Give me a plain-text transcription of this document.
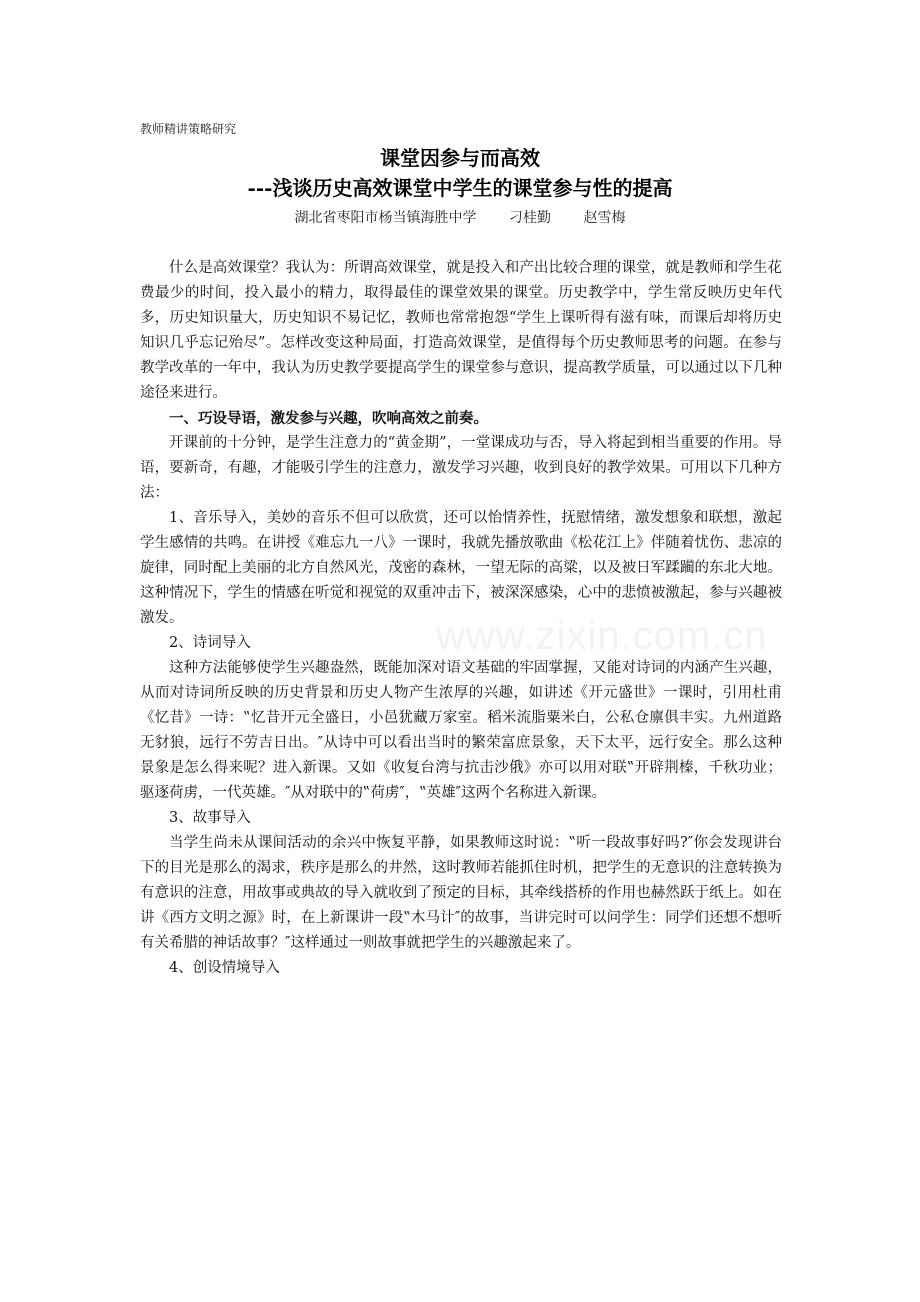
教师精讲策略研究
课堂因参与而高效
---浅谈历史高效课堂中学生的课堂参与性的提高
湖北省枣阳市杨当镇海胜中学 刁桂勤 赵雪梅

什么是高效课堂？我认为：所谓高效课堂，就是投入和产出比较合理的课堂，就是教师和学生花费最少的时间，投入最小的精力，取得最佳的课堂效果的课堂。历史教学中，学生常反映历史年代多，历史知识量大，历史知识不易记忆，教师也常常抱怨“学生上课听得有滋有味，而课后却将历史知识几乎忘记殆尽”。怎样改变这种局面，打造高效课堂，是值得每个历史教师思考的问题。在参与教学改革的一年中，我认为历史教学要提高学生的课堂参与意识，提高教学质量，可以通过以下几种途径来进行。

一、巧设导语，激发参与兴趣，吹响高效之前奏。

开课前的十分钟，是学生注意力的“黄金期”，一堂课成功与否，导入将起到相当重要的作用。导语，要新奇，有趣，才能吸引学生的注意力，激发学习兴趣，收到良好的教学效果。可用以下几种方法：

1、音乐导入，美妙的音乐不但可以欣赏，还可以怡情养性，抚慰情绪，激发想象和联想，激起学生感情的共鸣。在讲授《难忘九一八》一课时，我就先播放歌曲《松花江上》伴随着忧伤、悲凉的旋律，同时配上美丽的北方自然风光，茂密的森林，一望无际的高粱，以及被日军蹂躏的东北大地。这种情况下，学生的情感在听觉和视觉的双重冲击下，被深深感染，心中的悲愤被激起，参与兴趣被激发。

2、诗词导入

这种方法能够使学生兴趣盎然，既能加深对语文基础的牢固掌握，又能对诗词的内涵产生兴趣，从而对诗词所反映的历史背景和历史人物产生浓厚的兴趣，如讲述《开元盛世》一课时，引用杜甫《忆昔》一诗：‟忆昔开元全盛日，小邑犹藏万家室。稻米流脂粟米白，公私仓廪俱丰实。九州道路无豺狼，远行不劳吉日出。″从诗中可以看出当时的繁荣富庶景象，天下太平，远行安全。那么这种景象是怎么得来呢？进入新课。又如《收复台湾与抗击沙俄》亦可以用对联‟开辟荆榛，千秋功业；驱逐荷虏，一代英雄。″从对联中的‟荷虏″，‟英雄″这两个名称进入新课。

3、故事导入

当学生尚未从课间活动的余兴中恢复平静，如果教师这时说：‟听一段故事好吗?″你会发现讲台下的目光是那么的渴求，秩序是那么的井然，这时教师若能抓住时机，把学生的无意识的注意转换为有意识的注意，用故事或典故的导入就收到了预定的目标，其牵线搭桥的作用也赫然跃于纸上。如在讲《西方文明之源》时，在上新课讲一段‟木马计″的故事，当讲完时可以问学生：同学们还想不想听有关希腊的神话故事？″这样通过一则故事就把学生的兴趣激起来了。

4、创设情境导入

www.zixin.com.cn
